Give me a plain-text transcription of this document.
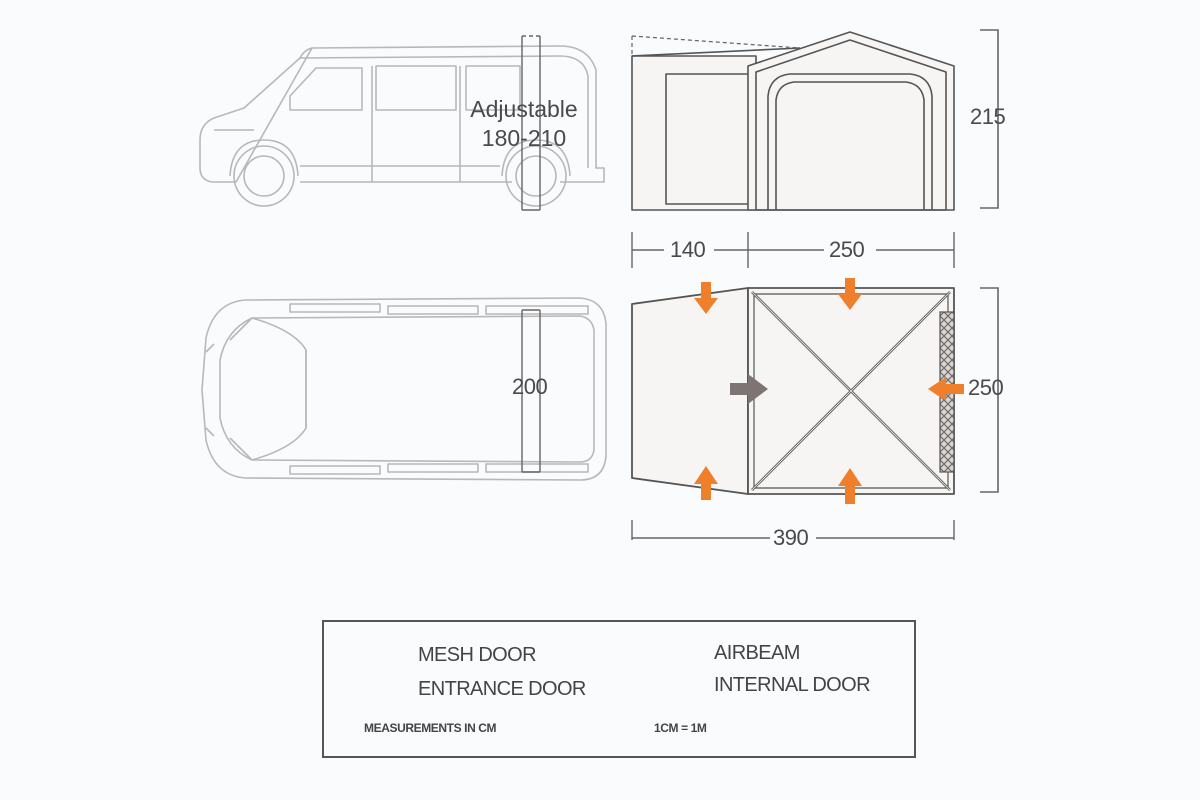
Adjustable
180-210
200
215
140	250
250
390
MESH DOOR	AIRBEAM
ENTRANCE DOOR	INTERNAL DOOR
MEASUREMENTS IN CM	1CM = 1M
